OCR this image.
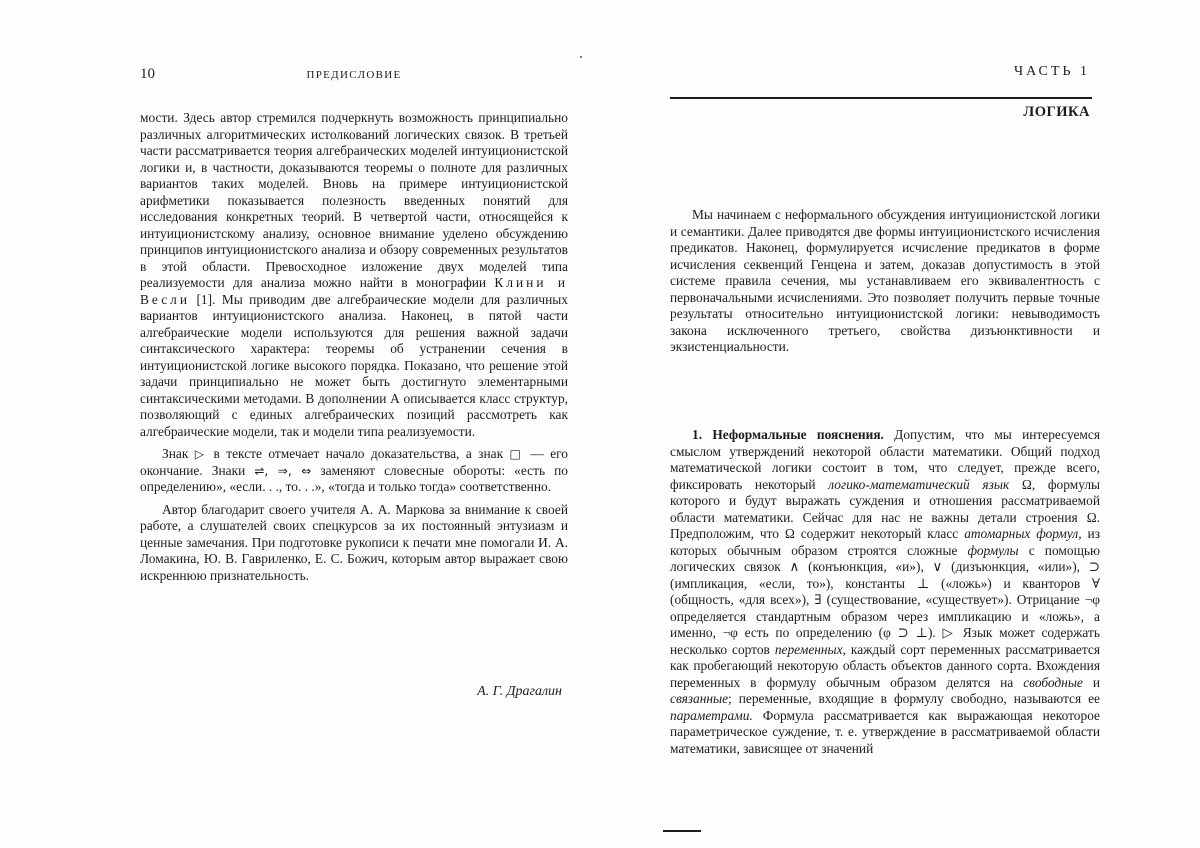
10	ПРЕДИСЛОВИЕ

мости. Здесь автор стремился подчеркнуть возможность принципиально различных алгоритмических истолкований логических связок. В третьей части рассматривается теория алгебраических моделей интуиционистской логики и, в частности, доказываются теоремы о полноте для различных вариантов таких моделей. Вновь на примере интуиционистской арифметики показывается полезность введенных понятий для исследования конкретных теорий. В четвертой части, относящейся к интуиционистскому анализу, основное внимание уделено обсуждению принципов интуиционистского анализа и обзору современных результатов в этой области. Превосходное изложение двух моделей типа реализуемости для анализа можно найти в монографии Клини и Весли [1]. Мы приводим две алгебраические модели для различных вариантов интуиционистского анализа. Наконец, в пятой части алгебраические модели используются для решения важной задачи синтаксического характера: теоремы об устранении сечения в интуиционистской логике высокого порядка. Показано, что решение этой задачи принципиально не может быть достигнуто элементарными синтаксическими методами. В дополнении А описывается класс структур, позволяющий с единых алгебраических позиций рассмотреть как алгебраические модели, так и модели типа реализуемости.

Знак ▷ в тексте отмечает начало доказательства, а знак □ — его окончание. Знаки ⇌, ⇒, ⇔ заменяют словесные обороты: «есть по определению», «если. . ., то. . .», «тогда и только тогда» соответственно.

Автор благодарит своего учителя А. А. Маркова за внимание к своей работе, а слушателей своих спецкурсов за их постоянный энтузиазм и ценные замечания. При подготовке рукописи к печати мне помогали И. А. Ломакина, Ю. В. Гавриленко, Е. С. Божич, которым автор выражает свою искреннюю признательность.

А. Г. Драгалин
ЧАСТЬ 1
ЛОГИКА

Мы начинаем с неформального обсуждения интуиционистской логики и семантики. Далее приводятся две формы интуиционистского исчисления предикатов. Наконец, формулируется исчисление предикатов в форме исчисления секвенций Генцена и затем, доказав допустимость в этой системе правила сечения, мы устанавливаем его эквивалентность с первоначальными исчислениями. Это позволяет получить первые точные результаты относительно интуиционистской логики: невыводимость закона исключенного третьего, свойства дизъюнктивности и экзистенциальности.

1. Неформальные пояснения. Допустим, что мы интересуемся смыслом утверждений некоторой области математики. Общий подход математической логики состоит в том, что следует, прежде всего, фиксировать некоторый логико-математический язык Ω, формулы которого и будут выражать суждения и отношения рассматриваемой области математики. Сейчас для нас не важны детали строения Ω. Предположим, что Ω содержит некоторый класс атомарных формул, из которых обычным образом строятся сложные формулы с помощью логических связок ∧ (конъюнкция, «и»), ∨ (дизъюнкция, «или»), ⊃ (импликация, «если, то»), константы ⊥ («ложь») и кванторов ∀ (общность, «для всех»), ∃ (существование, «существует»). Отрицание ¬φ определяется стандартным образом через импликацию и «ложь», а именно, ¬φ есть по определению (φ ⊃ ⊥). ▷ Язык может содержать несколько сортов переменных, каждый сорт переменных рассматривается как пробегающий некоторую область объектов данного сорта. Вхождения переменных в формулу обычным образом делятся на свободные и связанные; переменные, входящие в формулу свободно, называются ее параметрами. Формула рассматривается как выражающая некоторое параметрическое суждение, т. е. утверждение в рассматриваемой области математики, зависящее от значений
